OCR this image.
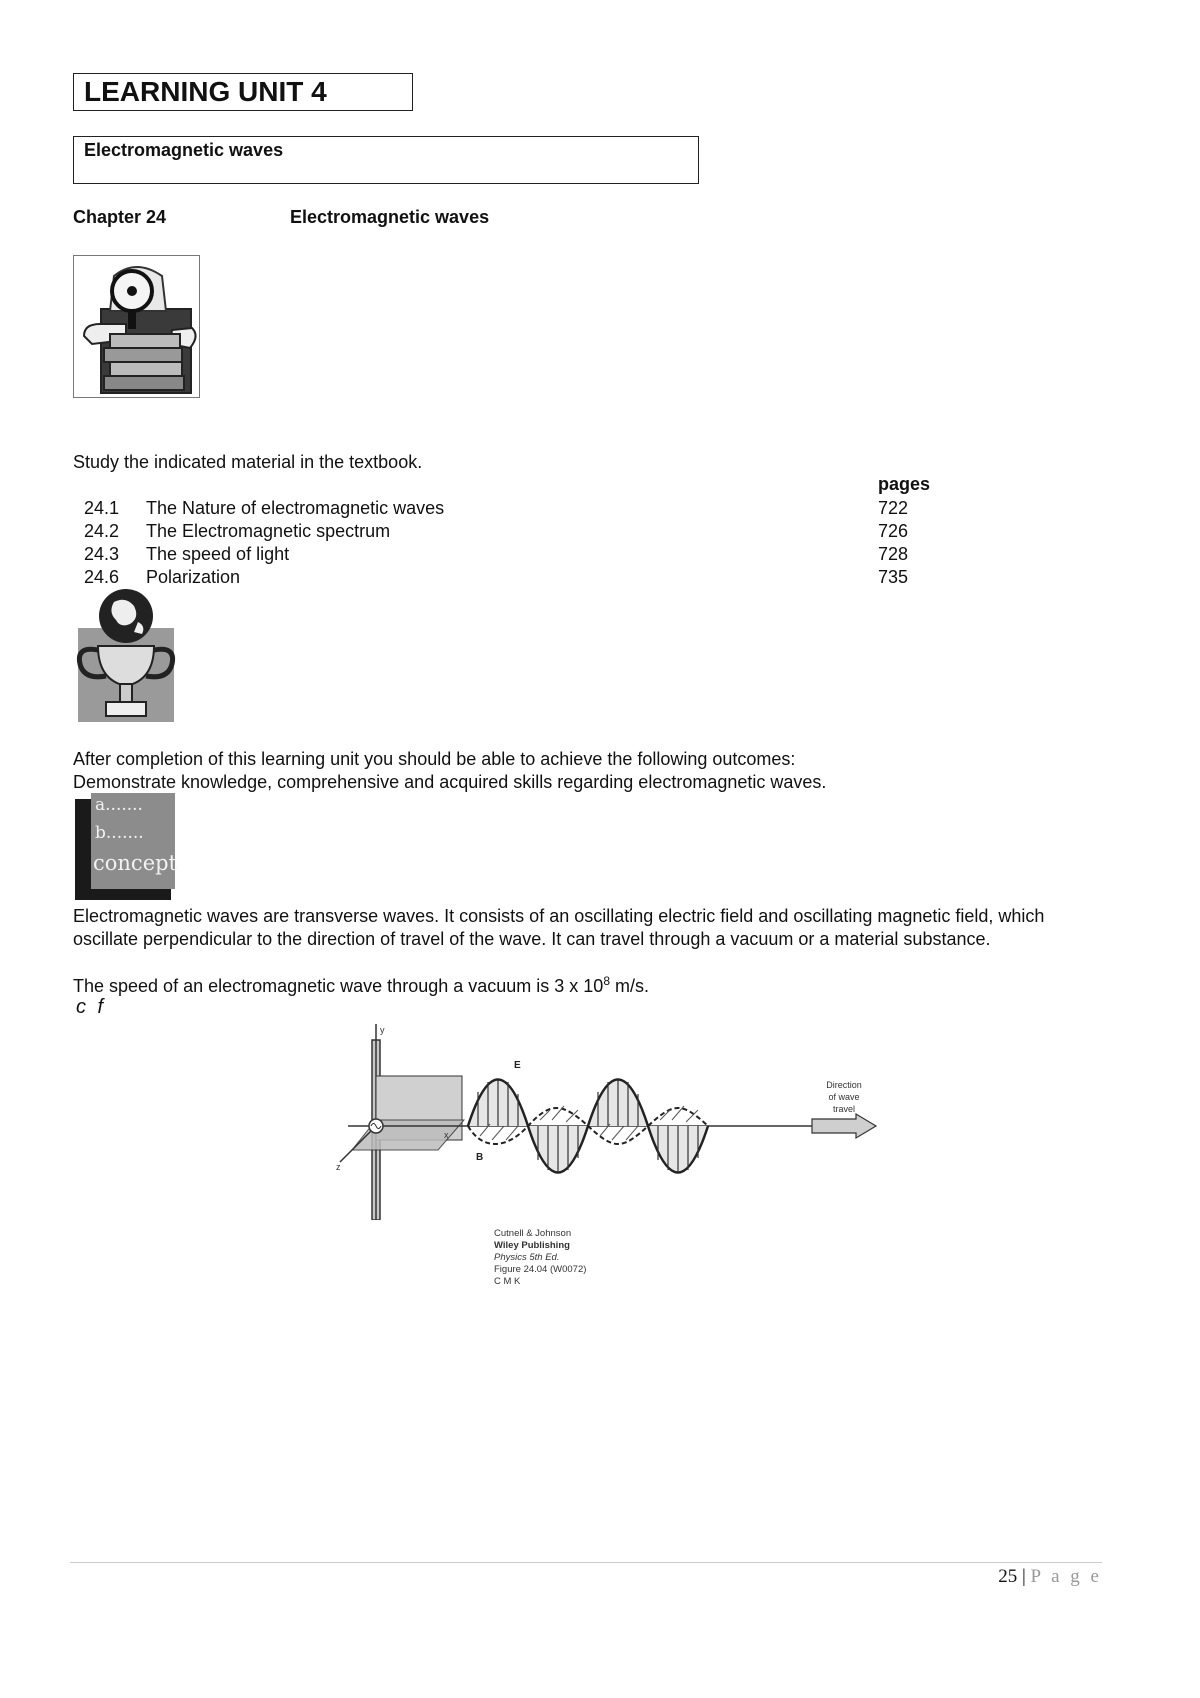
LEARNING UNIT 4
Electromagnetic waves
Chapter 24	Electromagnetic waves
Study the indicated material in the textbook.
pages
24.1	The Nature of electromagnetic waves	722
24.2	The Electromagnetic spectrum	726
24.3	The speed of light	728
24.6	Polarization	735
After completion of this learning unit you should be able to achieve the following outcomes:
Demonstrate knowledge, comprehensive and acquired skills regarding electromagnetic waves.
a.......
b.......
concept
Electromagnetic waves are transverse waves. It consists of an oscillating electric field and oscillating magnetic field, which oscillate perpendicular to the direction of travel of the wave. It can travel through a vacuum or a material substance.
The speed of an electromagnetic wave through a vacuum is 3 x $10^8$ m/s.
c f
y
x
z
E
B
Direction
of wave
travel
Cutnell & Johnson
Wiley Publishing
Physics 5th Ed.
Figure 24.04 (W0072)
C M K
25 | P a g e
